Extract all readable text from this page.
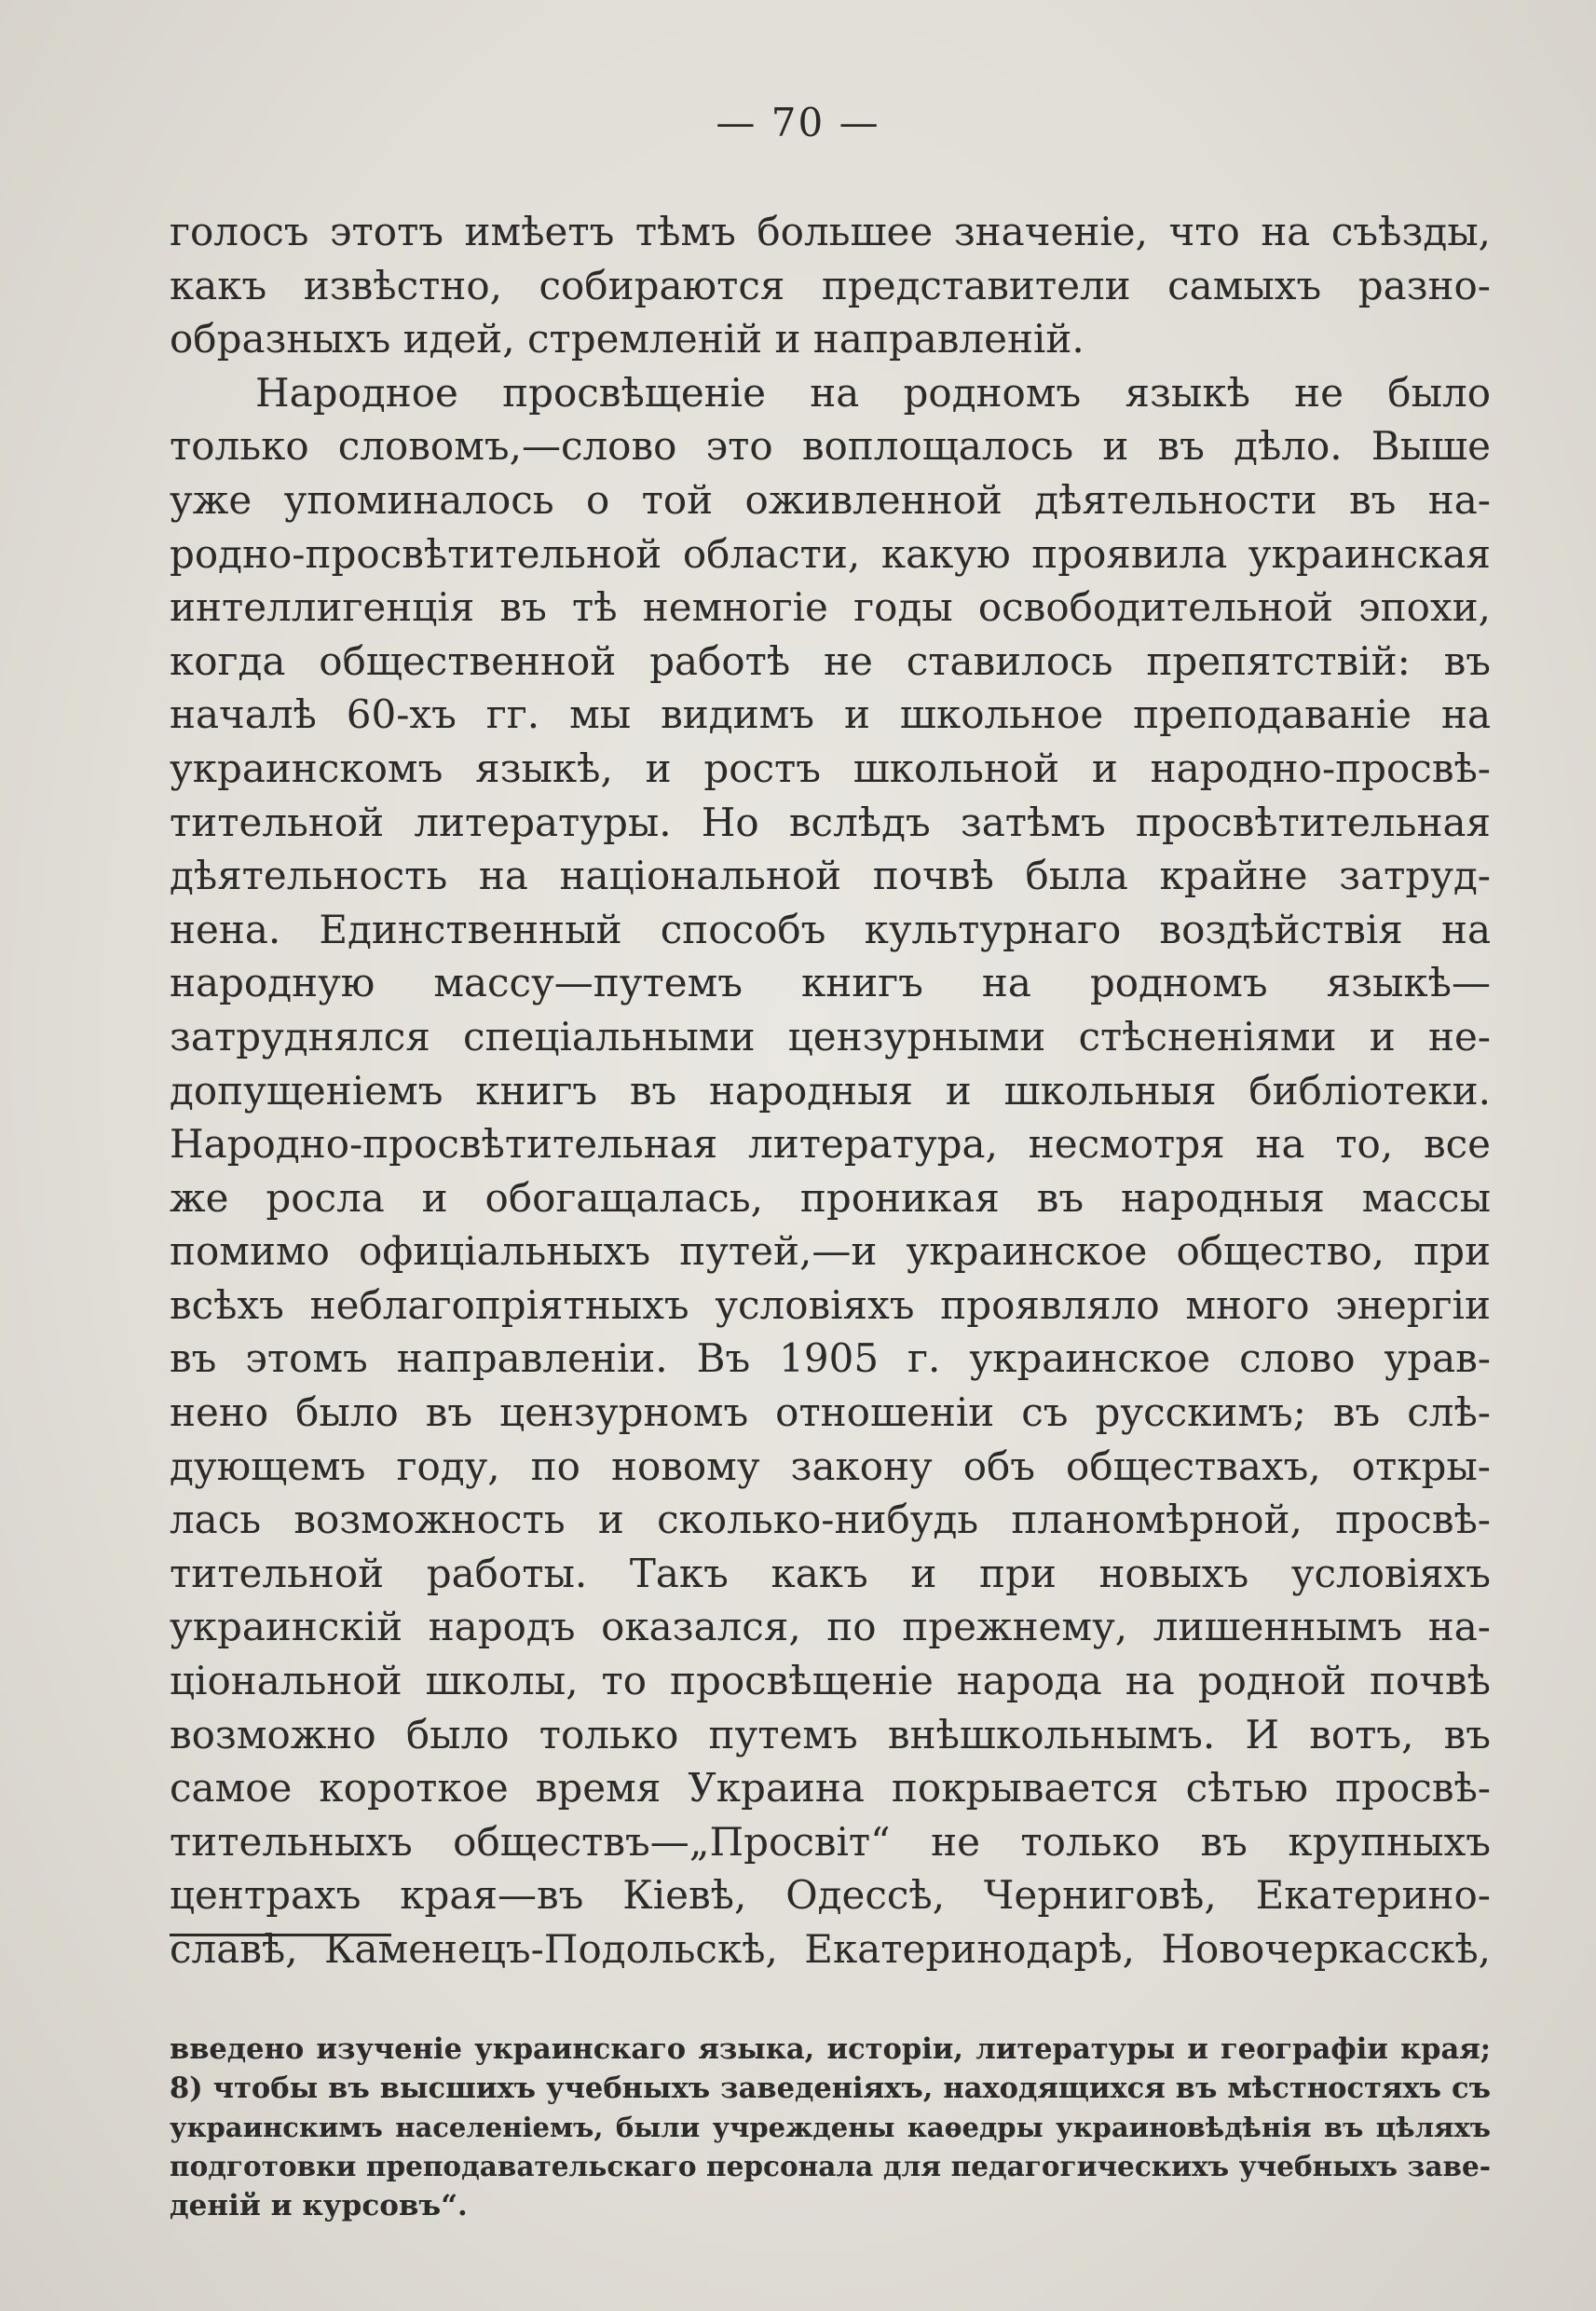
— 70 —
голосъ этотъ имѣетъ тѣмъ большее значеніе, что на съѣзды,
какъ извѣстно, собираются представители самыхъ разно-
образныхъ идей, стремленій и направленій.
Народное просвѣщеніе на родномъ языкѣ не было
только словомъ,—слово это воплощалось и въ дѣло. Выше
уже упоминалось о той оживленной дѣятельности въ на-
родно-просвѣтительной области, какую проявила украинская
интеллигенція въ тѣ немногіе годы освободительной эпохи,
когда общественной работѣ не ставилось препятствій: въ
началѣ 60-хъ гг. мы видимъ и школьное преподаваніе на
украинскомъ языкѣ, и ростъ школьной и народно-просвѣ-
тительной литературы. Но вслѣдъ затѣмъ просвѣтительная
дѣятельность на національной почвѣ была крайне затруд-
нена. Единственный способъ культурнаго воздѣйствія на
народную массу—путемъ книгъ на родномъ языкѣ—
затруднялся спеціальными цензурными стѣсненіями и не-
допущеніемъ книгъ въ народныя и школьныя библіотеки.
Народно-просвѣтительная литература, несмотря на то, все
же росла и обогащалась, проникая въ народныя массы
помимо офиціальныхъ путей,—и украинское общество, при
всѣхъ неблагопріятныхъ условіяхъ проявляло много энергіи
въ этомъ направленіи. Въ 1905 г. украинское слово урав-
нено было въ цензурномъ отношеніи съ русскимъ; въ слѣ-
дующемъ году, по новому закону объ обществахъ, откры-
лась возможность и сколько-нибудь планомѣрной, просвѣ-
тительной работы. Такъ какъ и при новыхъ условіяхъ
украинскій народъ оказался, по прежнему, лишеннымъ на-
ціональной школы, то просвѣщеніе народа на родной почвѣ
возможно было только путемъ внѣшкольнымъ. И вотъ, въ
самое короткое время Украина покрывается сѣтью просвѣ-
тительныхъ обществъ—„Просвіт“ не только въ крупныхъ
центрахъ края—въ Кіевѣ, Одессѣ, Черниговѣ, Екатерино-
славѣ, Каменецъ-Подольскѣ, Екатеринодарѣ, Новочеркасскѣ,
введено изученіе украинскаго языка, исторіи, литературы и географіи края;
8) чтобы въ высшихъ учебныхъ заведеніяхъ, находящихся въ мѣстностяхъ съ
украинскимъ населеніемъ, были учреждены каѳедры украиновѣдѣнія въ цѣляхъ
подготовки преподавательскаго персонала для педагогическихъ учебныхъ заве-
деній и курсовъ“.
